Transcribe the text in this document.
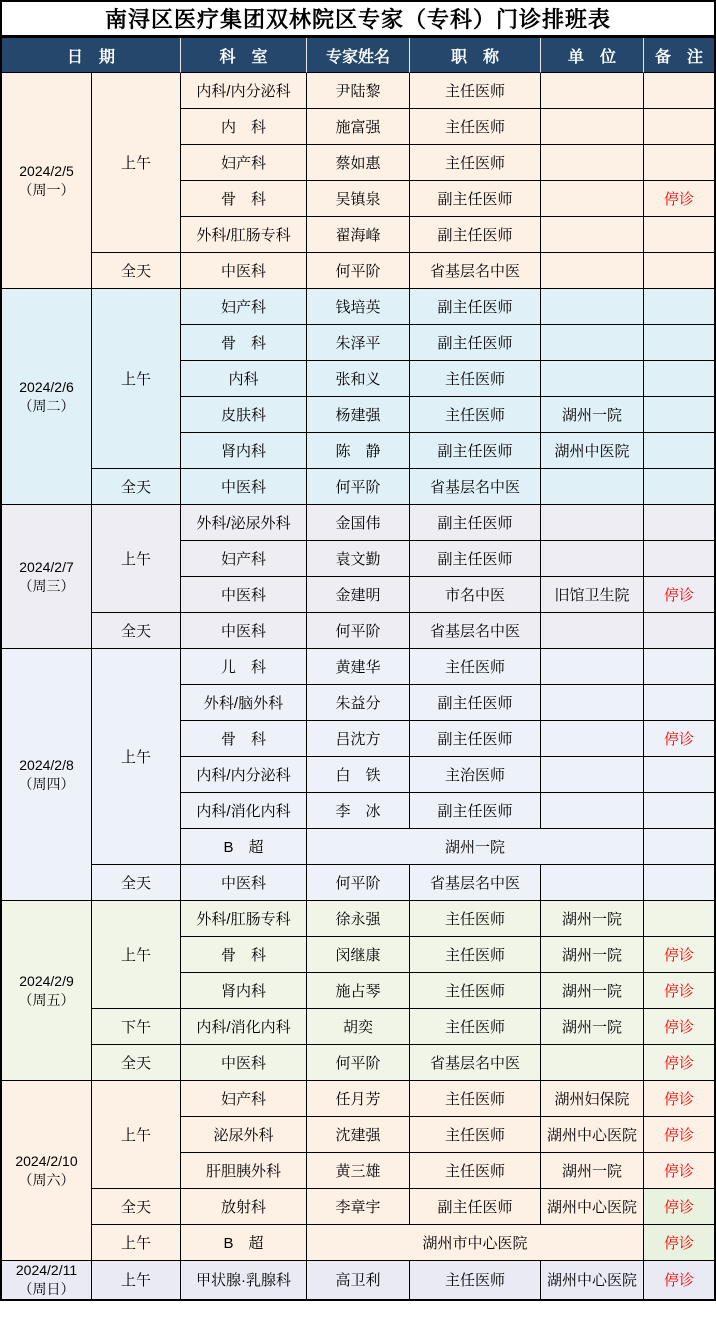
南浔区医疗集团双林院区专家（专科）门诊排班表
日　期		科　室	专家姓名	职　称	单　位	备　注

2024/2/5
（周一）	上午	内科/内分泌科	尹陆黎	主任医师		
		内　科	施富强	主任医师		
		妇产科	蔡如惠	主任医师		
		骨　科	吴镇泉	副主任医师		停诊
		外科/肛肠专科	翟海峰	副主任医师		
	全天	中医科	何平阶	省基层名中医		

2024/2/6
（周二）	上午	妇产科	钱培英	副主任医师		
		骨　科	朱泽平	副主任医师		
		内科	张和义	主任医师		
		皮肤科	杨建强	主任医师	湖州一院	
		肾内科	陈　静	副主任医师	湖州中医院	
	全天	中医科	何平阶	省基层名中医		

2024/2/7
（周三）	上午	外科/泌尿外科	金国伟	副主任医师		
		妇产科	袁文勤	副主任医师		
		中医科	金建明	市名中医	旧馆卫生院	停诊
	全天	中医科	何平阶	省基层名中医		

2024/2/8
（周四）	上午	儿　科	黄建华	主任医师		
		外科/脑外科	朱益分	副主任医师		
		骨　科	吕沈方	副主任医师		停诊
		内科/内分泌科	白　铁	主治医师		
		内科/消化内科	李　冰	副主任医师		
		B　超	湖州一院			
	全天	中医科	何平阶	省基层名中医		

2024/2/9
（周五）	上午	外科/肛肠专科	徐永强	主任医师	湖州一院	
		骨　科	闵继康	主任医师	湖州一院	停诊
		肾内科	施占琴	主任医师	湖州一院	停诊
	下午	内科/消化内科	胡奕	主任医师	湖州一院	停诊
	全天	中医科	何平阶	省基层名中医		停诊

2024/2/10
（周六）	上午	妇产科	任月芳	主任医师	湖州妇保院	停诊
		泌尿外科	沈建强	主任医师	湖州中心医院	停诊
		肝胆胰外科	黄三雄	主任医师	湖州一院	停诊
	全天	放射科	李章宇	副主任医师	湖州中心医院	停诊
	上午	B　超	湖州市中心医院			停诊

2024/2/11
（周日）	上午	甲状腺·乳腺科	高卫利	主任医师	湖州中心医院	停诊
